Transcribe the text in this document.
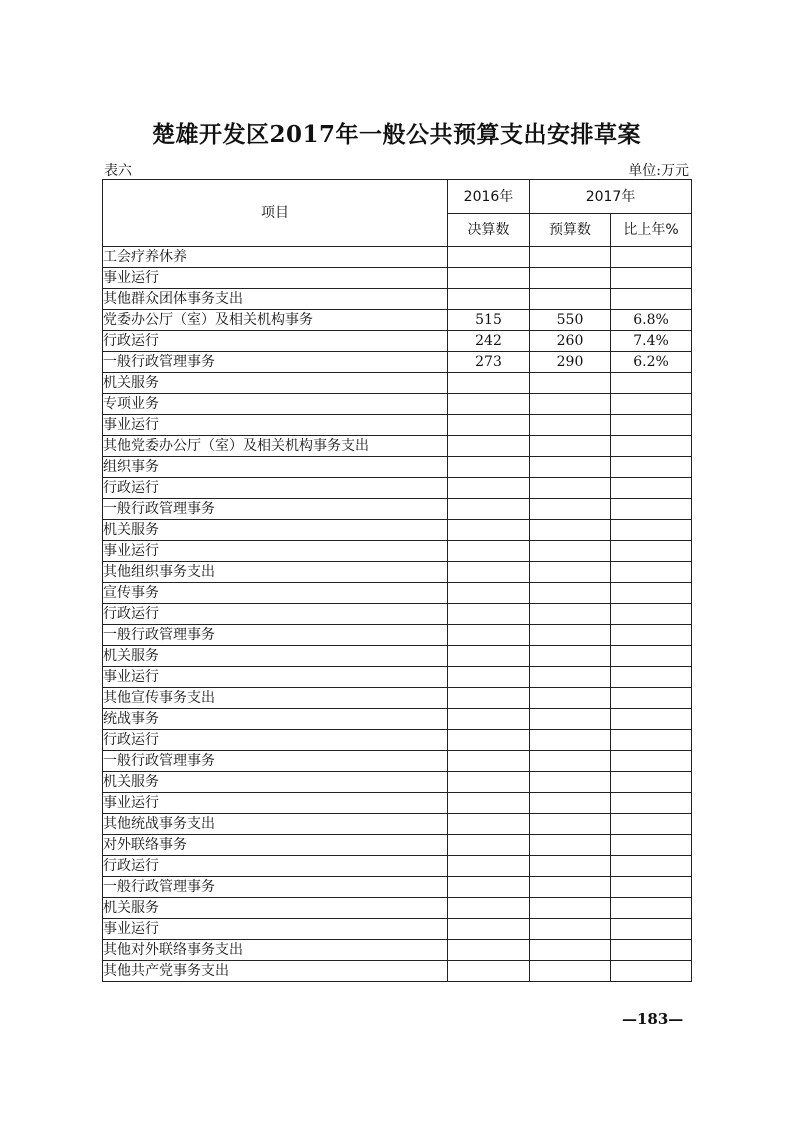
楚雄开发区2017年一般公共预算支出安排草案
表六	单位:万元
项目	2016年	2017年	
	决算数	预算数	比上年%
工会疗养休养			
事业运行			
其他群众团体事务支出			
党委办公厅（室）及相关机构事务	515	550	6.8%
行政运行	242	260	7.4%
一般行政管理事务	273	290	6.2%
机关服务			
专项业务			
事业运行			
其他党委办公厅（室）及相关机构事务支出			
组织事务			
行政运行			
一般行政管理事务			
机关服务			
事业运行			
其他组织事务支出			
宣传事务			
行政运行			
一般行政管理事务			
机关服务			
事业运行			
其他宣传事务支出			
统战事务			
行政运行			
一般行政管理事务			
机关服务			
事业运行			
其他统战事务支出			
对外联络事务			
行政运行			
一般行政管理事务			
机关服务			
事业运行			
其他对外联络事务支出			
其他共产党事务支出			
—183—
